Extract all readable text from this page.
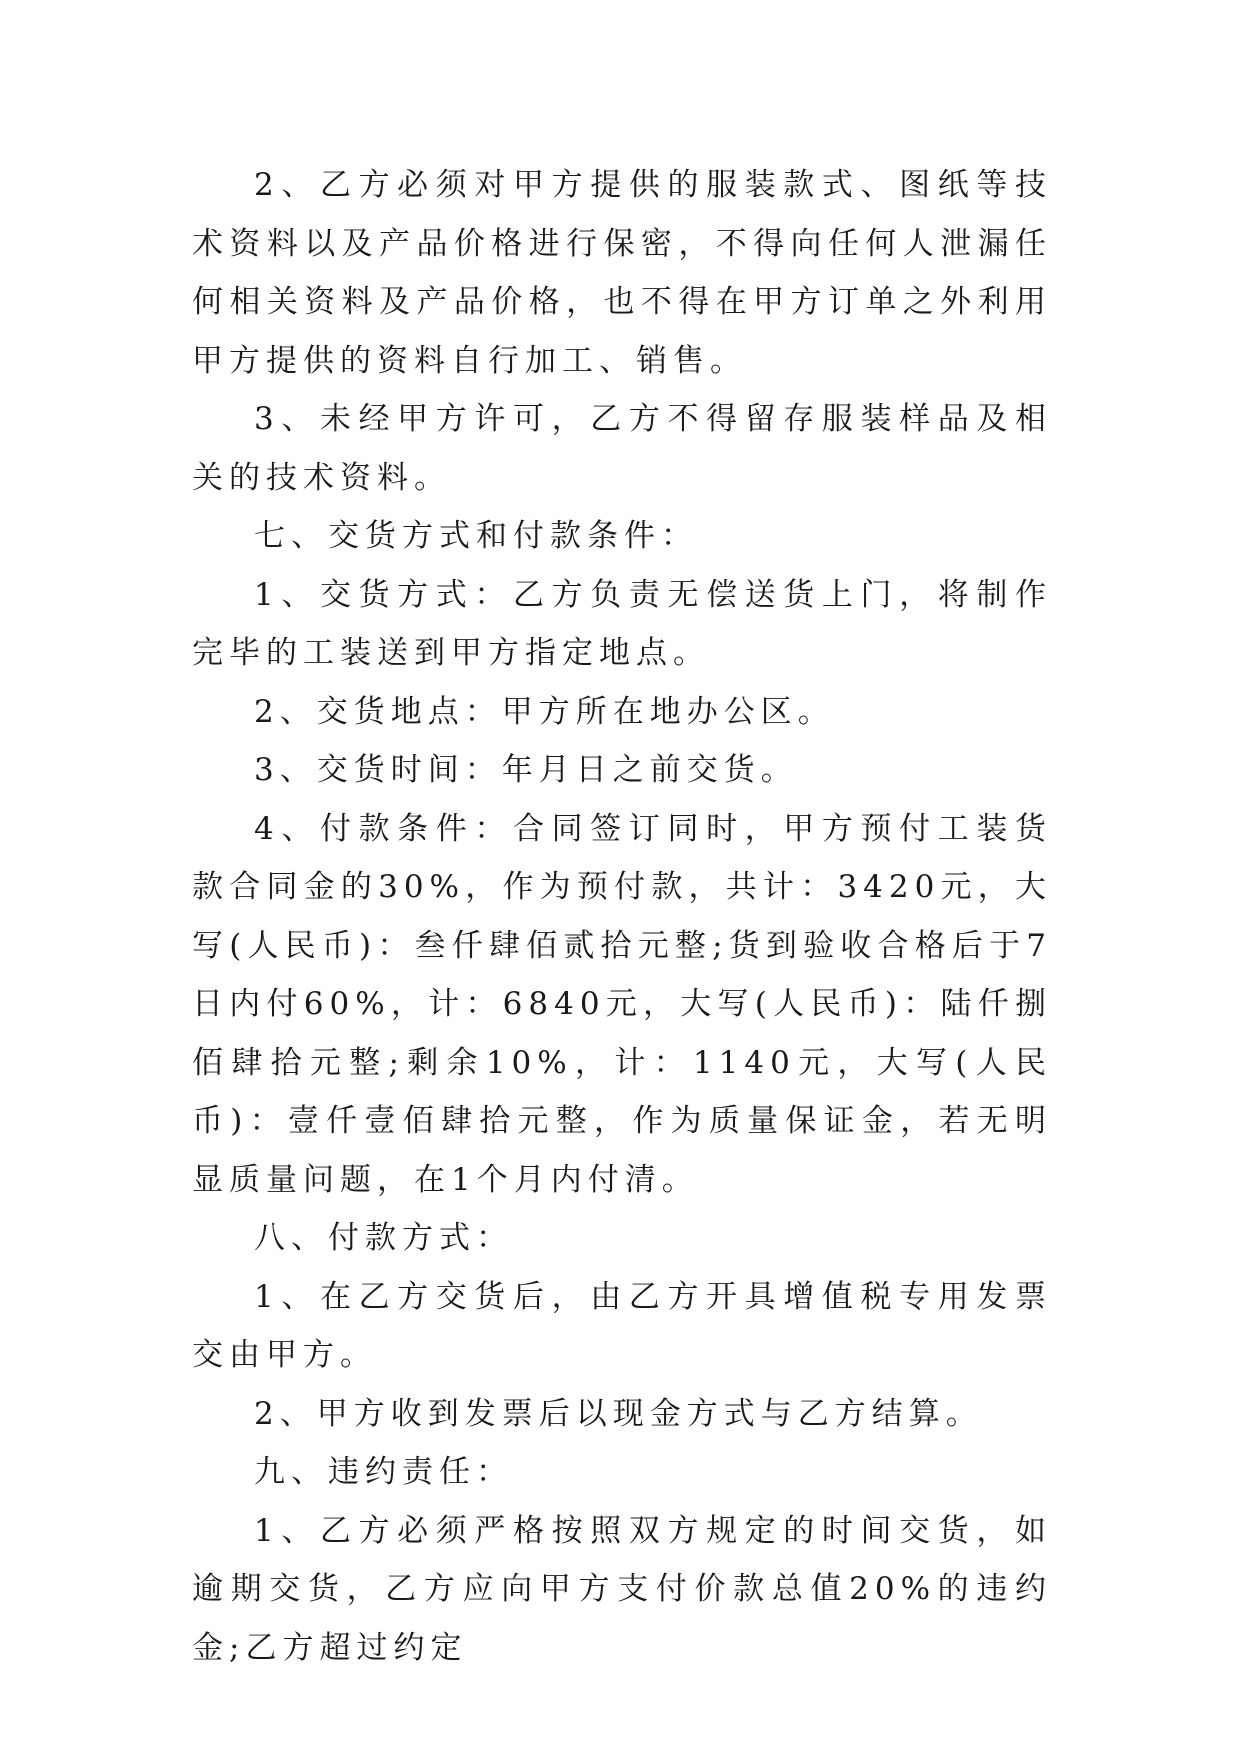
2、乙方必须对甲方提供的服装款式、图纸等技术资料以及产品价格进行保密，不得向任何人泄漏任何相关资料及产品价格，也不得在甲方订单之外利用甲方提供的资料自行加工、销售。

3、未经甲方许可，乙方不得留存服装样品及相关的技术资料。

七、交货方式和付款条件：

1、交货方式：乙方负责无偿送货上门，将制作完毕的工装送到甲方指定地点。

2、交货地点：甲方所在地办公区。

3、交货时间：年月日之前交货。

4、付款条件：合同签订同时，甲方预付工装货款合同金的30%，作为预付款，共计：3420元，大写(人民币)：叁仟肆佰贰拾元整;货到验收合格后于7日内付60%，计：6840元，大写(人民币)：陆仟捌佰肆拾元整;剩余10%，计：1140元，大写(人民币)：壹仟壹佰肆拾元整，作为质量保证金，若无明显质量问题，在1个月内付清。

八、付款方式：

1、在乙方交货后，由乙方开具增值税专用发票交由甲方。

2、甲方收到发票后以现金方式与乙方结算。

九、违约责任：

1、乙方必须严格按照双方规定的时间交货，如逾期交货，乙方应向甲方支付价款总值20%的违约金;乙方超过约定
